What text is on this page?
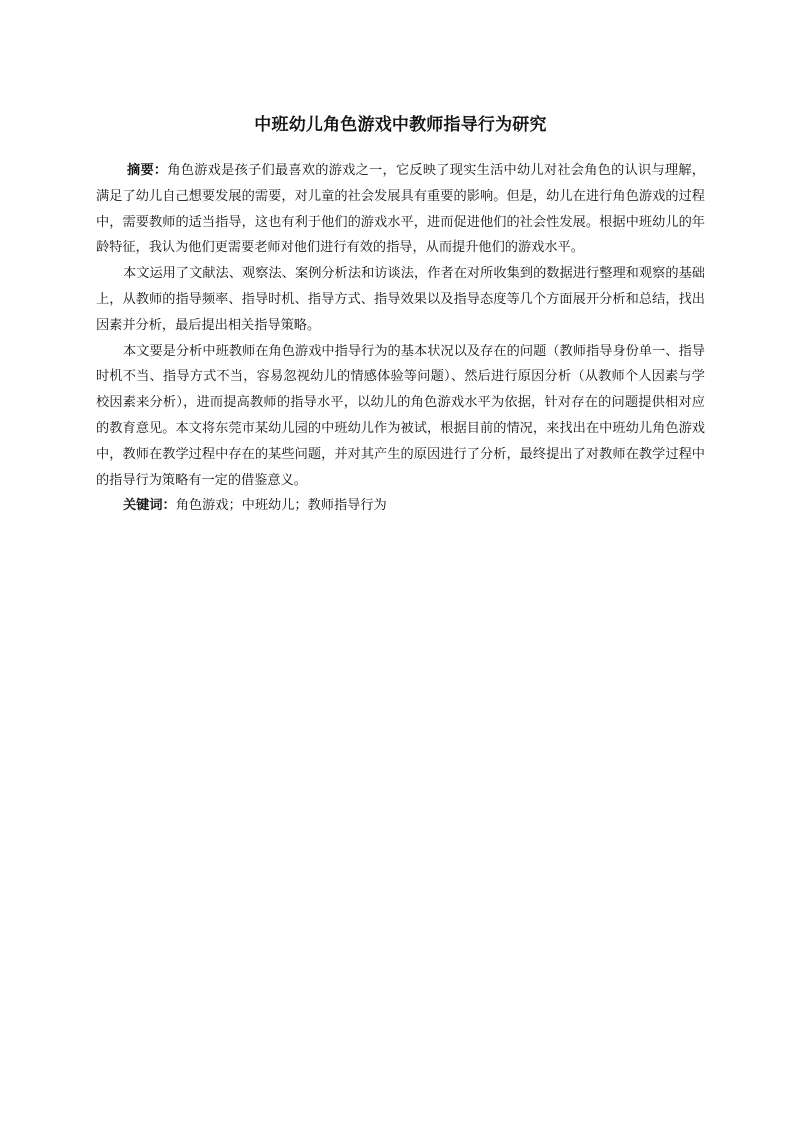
中班幼儿角色游戏中教师指导行为研究

摘要：角色游戏是孩子们最喜欢的游戏之一，它反映了现实生活中幼儿对社会角色的认识与理解，满足了幼儿自己想要发展的需要，对儿童的社会发展具有重要的影响。但是，幼儿在进行角色游戏的过程中，需要教师的适当指导，这也有利于他们的游戏水平，进而促进他们的社会性发展。根据中班幼儿的年龄特征，我认为他们更需要老师对他们进行有效的指导，从而提升他们的游戏水平。

本文运用了文献法、观察法、案例分析法和访谈法，作者在对所收集到的数据进行整理和观察的基础上，从教师的指导频率、指导时机、指导方式、指导效果以及指导态度等几个方面展开分析和总结，找出因素并分析，最后提出相关指导策略。

本文要是分析中班教师在角色游戏中指导行为的基本状况以及存在的问题（教师指导身份单一、指导时机不当、指导方式不当，容易忽视幼儿的情感体验等问题）、然后进行原因分析（从教师个人因素与学校因素来分析），进而提高教师的指导水平，以幼儿的角色游戏水平为依据，针对存在的问题提供相对应的教育意见。本文将东莞市某幼儿园的中班幼儿作为被试，根据目前的情况，来找出在中班幼儿角色游戏中，教师在教学过程中存在的某些问题，并对其产生的原因进行了分析，最终提出了对教师在教学过程中的指导行为策略有一定的借鉴意义。

关键词：角色游戏；中班幼儿；教师指导行为
